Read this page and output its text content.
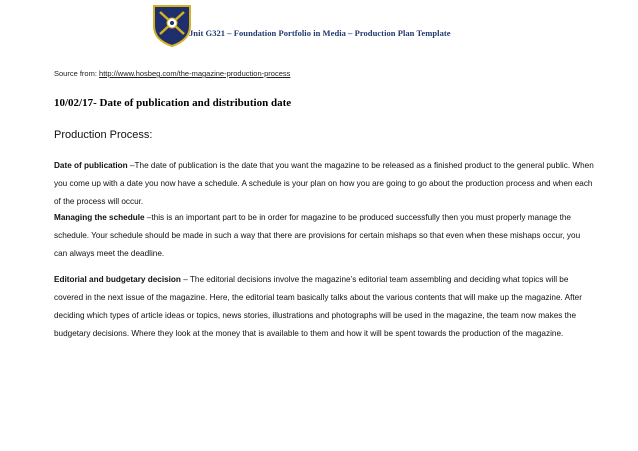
Jnit G321 – Foundation Portfolio in Media – Production Plan Template
Source from: http://www.hosbeg.com/the-magazine-production-process
10/02/17- Date of publication and distribution date
Production Process:
Date of publication –The date of publication is the date that you want the magazine to be released as a finished product to the general public. When you come up with a date you now have a schedule. A schedule is your plan on how you are going to go about the production process and when each of the process will occur.
Managing the schedule –this is an important part to be in order for magazine to be produced successfully then you must properly manage the schedule. Your schedule should be made in such a way that there are provisions for certain mishaps so that even when these mishaps occur, you can always meet the deadline.
Editorial and budgetary decision – The editorial decisions involve the magazine’s editorial team assembling and deciding what topics will be covered in the next issue of the magazine. Here, the editorial team basically talks about the various contents that will make up the magazine. After deciding which types of article ideas or topics, news stories, illustrations and photographs will be used in the magazine, the team now makes the budgetary decisions. Where they look at the money that is available to them and how it will be spent towards the production of the magazine.
